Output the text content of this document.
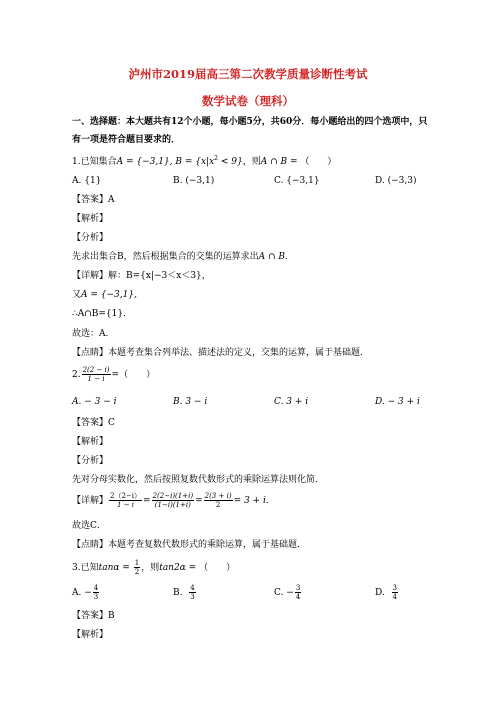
泸州市2019届高三第二次教学质量诊断性考试
数学试卷（理科）
一、选择题：本大题共有12个小题，每小题5分，共60分．每小题给出的四个选项中，只
有一项是符合题目要求的．
1.已知集合A = {−3,1}, $B = \{x|x^2 < 9\}$，则A ∩ B = （　　）
A. {1}	B. (−3,1)	C. {−3,1}	D. (−3,3)
【答案】A
【解析】
【分析】
先求出集合B，然后根据集合的交集的运算求出A ∩ B.
【详解】解：B={x|−3＜x＜3}，
又A = {−3,1},
∴A∩B={1}．
故选：A．
【点睛】本题考查集合列举法、描述法的定义，交集的运算，属于基础题．
2. $\frac{2(2 - i)}{1 - i}$ =（　　）
A. − 3 − i	B. 3 − i	C. 3 + i	D. − 3 + i
【答案】C
【解析】
【分析】
先对分母实数化，然后按照复数代数形式的乘除运算法则化简．
【详解】 $\frac{2(2-i)}{1 - i} = \frac{2(2-i)(1+i)}{(1-i)(1+i)} = \frac{2(3 + i)}{2} = 3 + i$.
故选C．
【点睛】本题考查复数代数形式的乘除运算，属于基础题．
3.已知$\tan\alpha = \frac{1}{2}$ ，则tan2α = （　　）
A. − $\frac{4}{3}$	B. $\frac{4}{3}$	C. − $\frac{3}{4}$	D. $\frac{3}{4}$
【答案】B
【解析】
